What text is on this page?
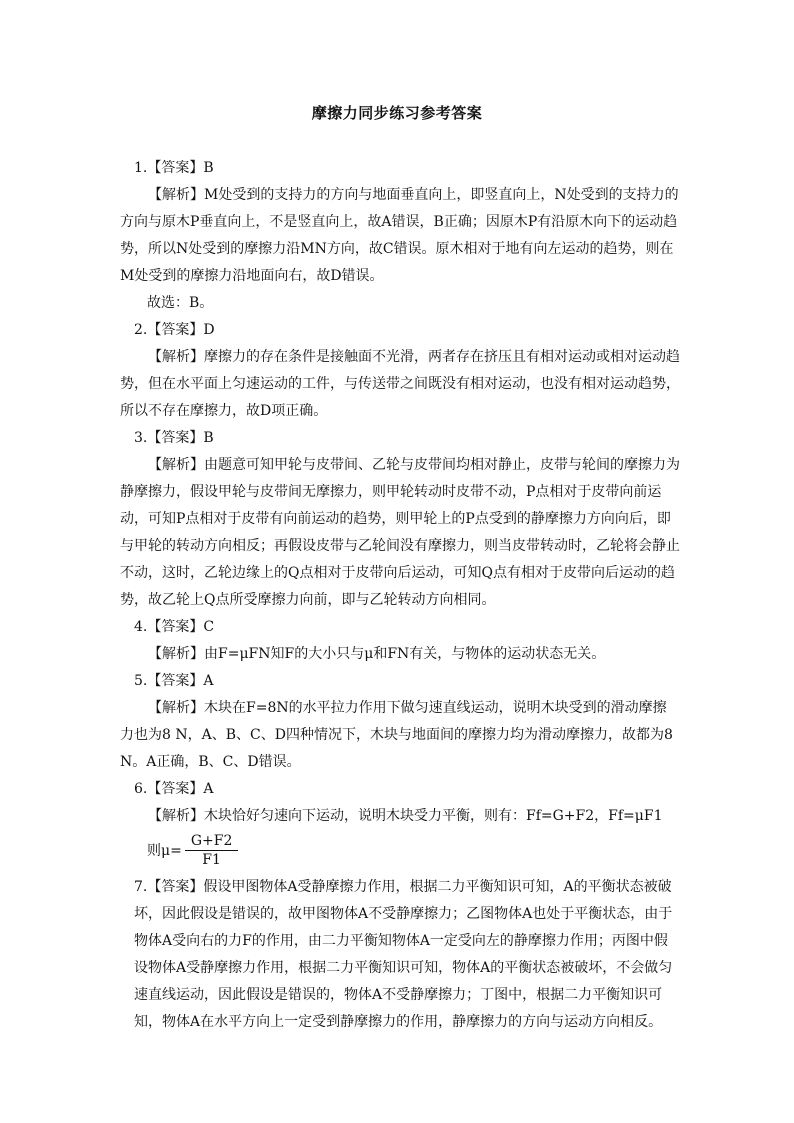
摩擦力同步练习参考答案

1.【答案】B

【解析】M处受到的支持力的方向与地面垂直向上，即竖直向上，N处受到的支持力的方向与原木P垂直向上，不是竖直向上，故A错误，B正确；因原木P有沿原木向下的运动趋势，所以N处受到的摩擦力沿MN方向，故C错误。原木相对于地有向左运动的趋势，则在M处受到的摩擦力沿地面向右，故D错误。

故选：B。

2.【答案】D

【解析】摩擦力的存在条件是接触面不光滑，两者存在挤压且有相对运动或相对运动趋势，但在水平面上匀速运动的工件，与传送带之间既没有相对运动，也没有相对运动趋势，所以不存在摩擦力，故D项正确。

3.【答案】B

【解析】由题意可知甲轮与皮带间、乙轮与皮带间均相对静止，皮带与轮间的摩擦力为静摩擦力，假设甲轮与皮带间无摩擦力，则甲轮转动时皮带不动，P点相对于皮带向前运动，可知P点相对于皮带有向前运动的趋势，则甲轮上的P点受到的静摩擦力方向向后，即与甲轮的转动方向相反；再假设皮带与乙轮间没有摩擦力，则当皮带转动时，乙轮将会静止不动，这时，乙轮边缘上的Q点相对于皮带向后运动，可知Q点有相对于皮带向后运动的趋势，故乙轮上Q点所受摩擦力向前，即与乙轮转动方向相同。

4.【答案】C

【解析】由F=μFN知F的大小只与μ和FN有关，与物体的运动状态无关。

5.【答案】A

【解析】木块在F=8N的水平拉力作用下做匀速直线运动，说明木块受到的滑动摩擦力也为8 N，A、B、C、D四种情况下，木块与地面间的摩擦力均为滑动摩擦力，故都为8 N。A正确，B、C、D错误。

6.【答案】A

【解析】木块恰好匀速向下运动，说明木块受力平衡，则有：Ff=G+F2，Ff=μF1

则$\mu= \frac{G+F2}{F1}$

7.【答案】假设甲图物体A受静摩擦力作用，根据二力平衡知识可知，A的平衡状态被破坏，因此假设是错误的，故甲图物体A不受静摩擦力；乙图物体A也处于平衡状态，由于物体A受向右的力F的作用，由二力平衡知物体A一定受向左的静摩擦力作用；丙图中假设物体A受静摩擦力作用，根据二力平衡知识可知，物体A的平衡状态被破坏，不会做匀速直线运动，因此假设是错误的，物体A不受静摩擦力；丁图中，根据二力平衡知识可知，物体A在水平方向上一定受到静摩擦力的作用，静摩擦力的方向与运动方向相反。
